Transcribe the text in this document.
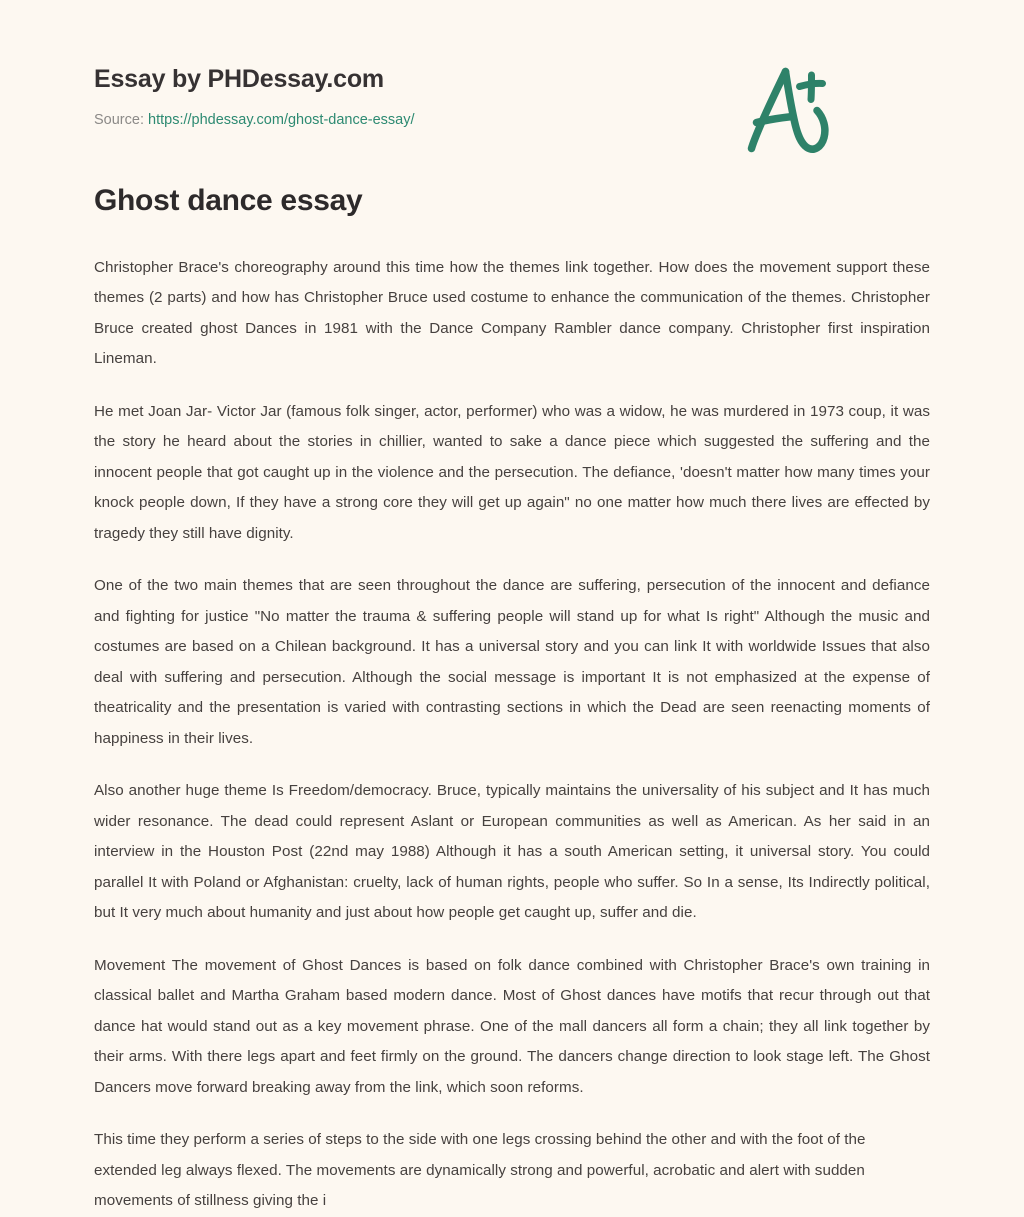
Essay by PHDessay.com
Source: https://phdessay.com/ghost-dance-essay/
Ghost dance essay

Christopher Brace's choreography around this time how the themes link together. How does the movement support these themes (2 parts) and how has Christopher Bruce used costume to enhance the communication of the themes. Christopher Bruce created ghost Dances in 1981 with the Dance Company Rambler dance company. Christopher first inspiration Lineman.

He met Joan Jar- Victor Jar (famous folk singer, actor, performer) who was a widow, he was murdered in 1973 coup, it was the story he heard about the stories in chillier, wanted to sake a dance piece which suggested the suffering and the innocent people that got caught up in the violence and the persecution. The defiance, 'doesn't matter how many times your knock people down, If they have a strong core they will get up again" no one matter how much there lives are effected by tragedy they still have dignity.

One of the two main themes that are seen throughout the dance are suffering, persecution of the innocent and defiance and fighting for justice "No matter the trauma & suffering people will stand up for what Is right" Although the music and costumes are based on a Chilean background. It has a universal story and you can link It with worldwide Issues that also deal with suffering and persecution. Although the social message is important It is not emphasized at the expense of theatricality and the presentation is varied with contrasting sections in which the Dead are seen reenacting moments of happiness in their lives.

Also another huge theme Is Freedom/democracy. Bruce, typically maintains the universality of his subject and It has much wider resonance. The dead could represent Aslant or European communities as well as American. As her said in an interview in the Houston Post (22nd may 1988) Although it has a south American setting, it universal story. You could parallel It with Poland or Afghanistan: cruelty, lack of human rights, people who suffer. So In a sense, Its Indirectly political, but It very much about humanity and just about how people get caught up, suffer and die.

Movement The movement of Ghost Dances is based on folk dance combined with Christopher Brace's own training in classical ballet and Martha Graham based modern dance. Most of Ghost dances have motifs that recur through out that dance hat would stand out as a key movement phrase. One of the mall dancers all form a chain; they all link together by their arms. With there legs apart and feet firmly on the ground. The dancers change direction to look stage left. The Ghost Dancers move forward breaking away from the link, which soon reforms.

This time they perform a series of steps to the side with one legs crossing behind the other and with the foot of the extended leg always flexed. The movements are dynamically strong and powerful, acrobatic and alert with sudden movements of stillness giving the i
